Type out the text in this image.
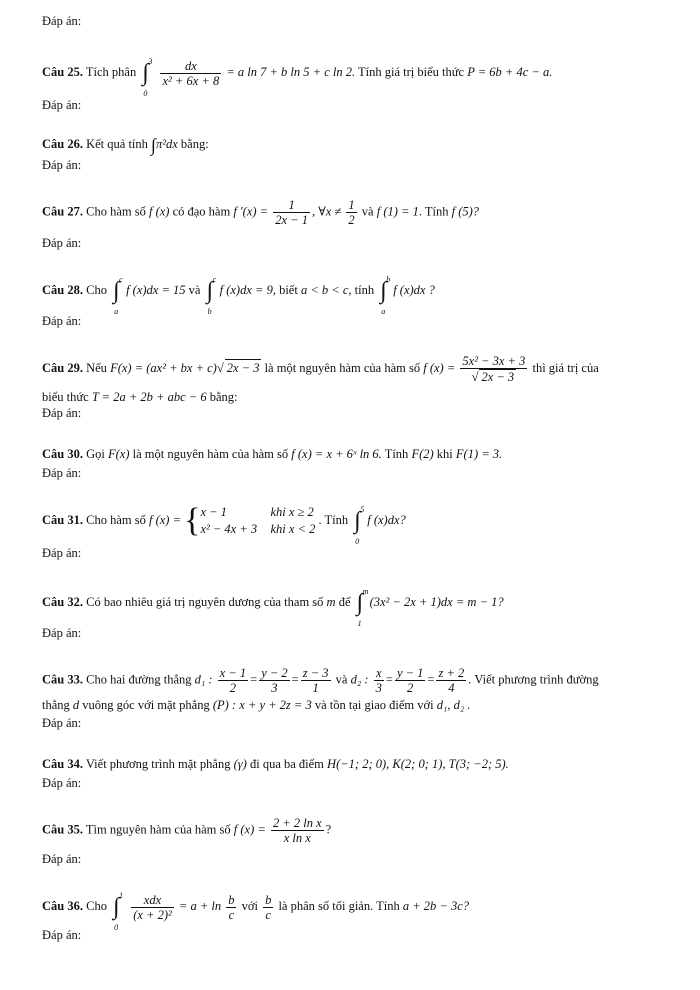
Đáp án:
Câu 25. Tích phân ∫ 3
0

$\frac{dx}{\text{x² + 6x + 8}} = a$ ln 7 + b ln 5 + c ln 2. Tính giá trị biểu thức P = 6b + 4c − a.
Đáp án:
Câu 26. Kết quả tính ∫π²dx bằng:
Đáp án:
Câu 27. Cho hàm số f (x) có đạo hàm f $'(x) = \frac{1}{2x - 1}$ , ∀x ≠ $\frac{1}{2}$ và f (1) = 1. Tính f (5)?
Đáp án:
Câu 28. Cho ∫ c
a
f (x)dx = 15 và ∫ c
b
f (x)dx = 9, biết a < b < c, tính ∫ b
a
f (x)dx ?
Đáp án:
Câu 29. Nếu F(x) = (ax² + bx + c)√ 2x − 3 là một nguyên hàm của hàm số f $(x) = \frac{\text{5x² − 3x + 3}}{√ 2x - 3}$ thì giá trị của
biểu thức T = 2a + 2b + abc − 6 bằng:
Đáp án:
Câu 30. Gọi F(x) là một nguyên hàm của hàm số f (x) = x + 6ˣ ln 6. Tính F(2) khi F(1) = 3.
Đáp án:
Câu 31. Cho hàm số f (x) = {x − 1	khi x ≥ 2
x² − 4x + 3 khi x < 2 . Tính ∫ 5
0
f (x)dx?
Đáp án:
Câu 32. Có bao nhiêu giá trị nguyên dương của tham số m để ∫ m
1
(3x² − 2x + 1)dx = m − 1?
Đáp án:
Câu 33. Cho hai đường thẳng d₁ : $\frac{x - 1}{2} = \frac{y - 2}{3} = \frac{z - 3}{1}$ và d₂ : $\frac{x}{3} = \frac{y - 1}{2} = \frac{z + 2}{4}$ . Viết phương trình đường
thẳng d vuông góc với mặt phẳng (P) : x + y + 2z = 3 và tồn tại giao điểm với d₁, d₂ .
Đáp án:
Câu 34. Viết phương trình mặt phẳng (γ) đi qua ba điểm H(−1; 2; 0), K(2; 0; 1), T(3; −2; 5).
Đáp án:
Câu 35. Tìm nguyên hàm của hàm số f $(x) = \frac{\text{2 + 2 ln x}}{\text{x ln x}}$ ?
Đáp án:
Câu 36. Cho ∫ 1
0

$\frac{\text{xdx}}{\text{(x + 2)²}} = a + \ln \frac{b}{c}$ với $\frac{b}{c}$ là phân số tối giản. Tính a + 2b − 3c?
Đáp án:
